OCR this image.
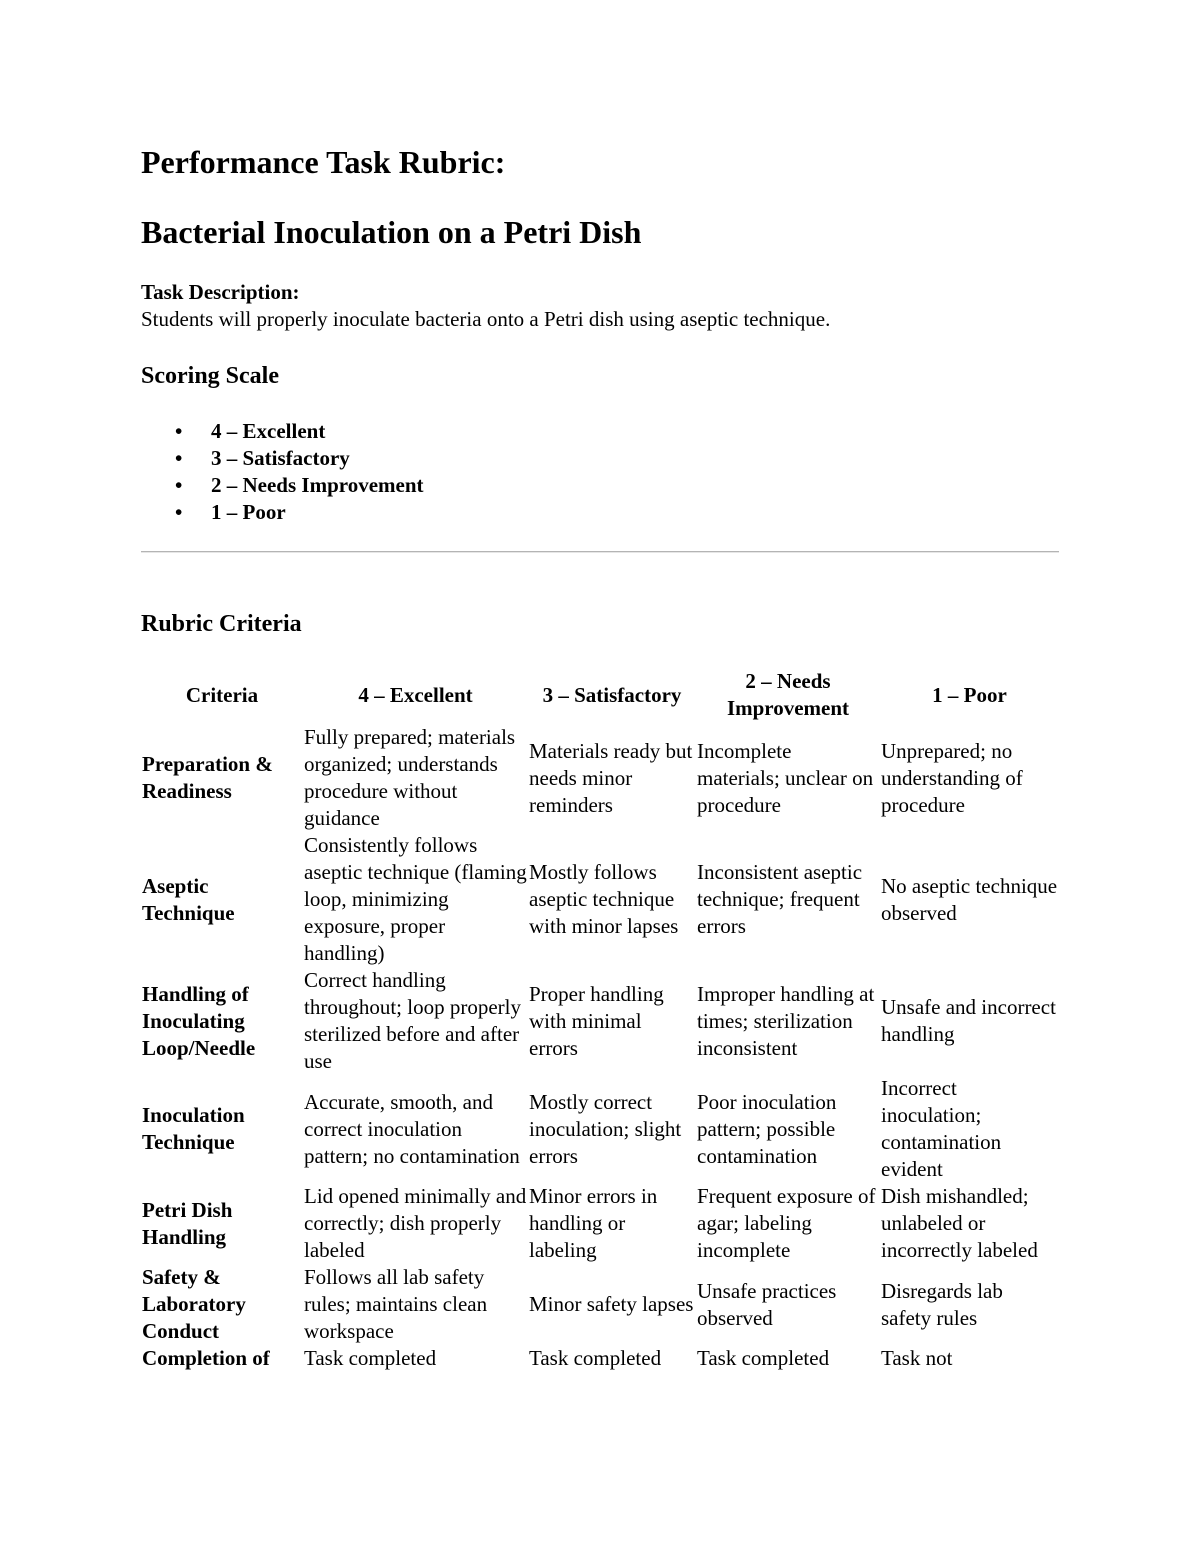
Performance Task Rubric:
Bacterial Inoculation on a Petri Dish
Task Description:
Students will properly inoculate bacteria onto a Petri dish using aseptic technique.
Scoring Scale
• 4 – Excellent
• 3 – Satisfactory
• 2 – Needs Improvement
• 1 – Poor
Rubric Criteria
Criteria	4 – Excellent	3 – Satisfactory	2 – Needs Improvement	1 – Poor
Preparation & Readiness	Fully prepared; materials organized; understands procedure without guidance	Materials ready but needs minor reminders	Incomplete materials; unclear on procedure	Unprepared; no understanding of procedure
Aseptic Technique	Consistently follows aseptic technique (flaming loop, minimizing exposure, proper handling)	Mostly follows aseptic technique with minor lapses	Inconsistent aseptic technique; frequent errors	No aseptic technique observed
Handling of Inoculating Loop/Needle	Correct handling throughout; loop properly sterilized before and after use	Proper handling with minimal errors	Improper handling at times; sterilization inconsistent	Unsafe and incorrect handling
Inoculation Technique	Accurate, smooth, and correct inoculation pattern; no contamination	Mostly correct inoculation; slight errors	Poor inoculation pattern; possible contamination	Incorrect inoculation; contamination evident
Petri Dish Handling	Lid opened minimally and correctly; dish properly labeled	Minor errors in handling or labeling	Frequent exposure of agar; labeling incomplete	Dish mishandled; unlabeled or incorrectly labeled
Safety & Laboratory Conduct	Follows all lab safety rules; maintains clean workspace	Minor safety lapses	Unsafe practices observed	Disregards lab safety rules
Completion of	Task completed	Task completed	Task completed	Task not
